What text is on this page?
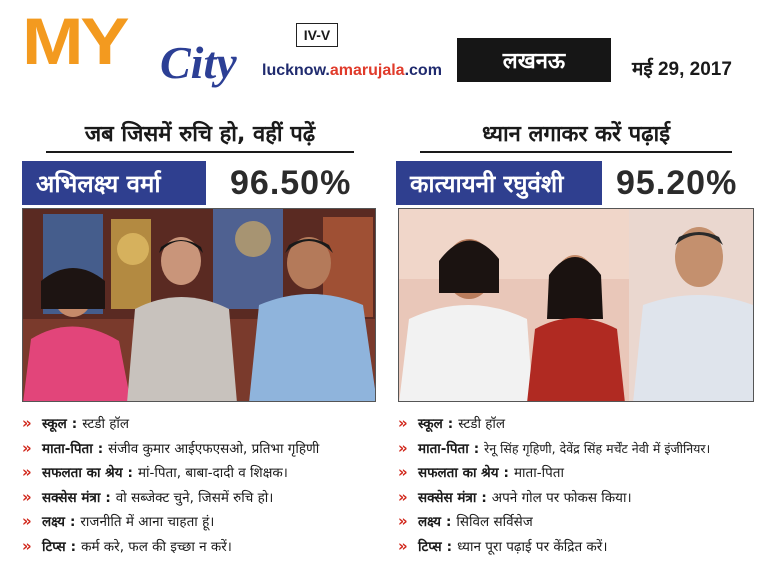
MY City
IV-V
lucknow.amarujala.com	लखनऊ	मई 29, 2017
जब जिसमें रुचि हो, वहीं पढ़ें
अभिलक्ष्य वर्मा	96.50%
» स्कूल : स्टडी हॉल
» माता-पिता : संजीव कुमार आईएफएसओ, प्रतिभा गृहिणी
» सफलता का श्रेय : मां-पिता, बाबा-दादी व शिक्षक।
» सक्सेस मंत्रा : वो सब्जेक्ट चुने, जिसमें रुचि हो।
» लक्ष्य : राजनीति में आना चाहता हूं।
» टिप्स : कर्म करे, फल की इच्छा न करें।
ध्यान लगाकर करें पढ़ाई
कात्यायनी रघुवंशी	95.20%
» स्कूल : स्टडी हॉल
» माता-पिता : रेनू सिंह गृहिणी, देवेंद्र सिंह मर्चेंट नेवी में इंजीनियर।
» सफलता का श्रेय : माता-पिता
» सक्सेस मंत्रा : अपने गोल पर फोकस किया।
» लक्ष्य : सिविल सर्विसेज
» टिप्स : ध्यान पूरा पढ़ाई पर केंद्रित करें।
